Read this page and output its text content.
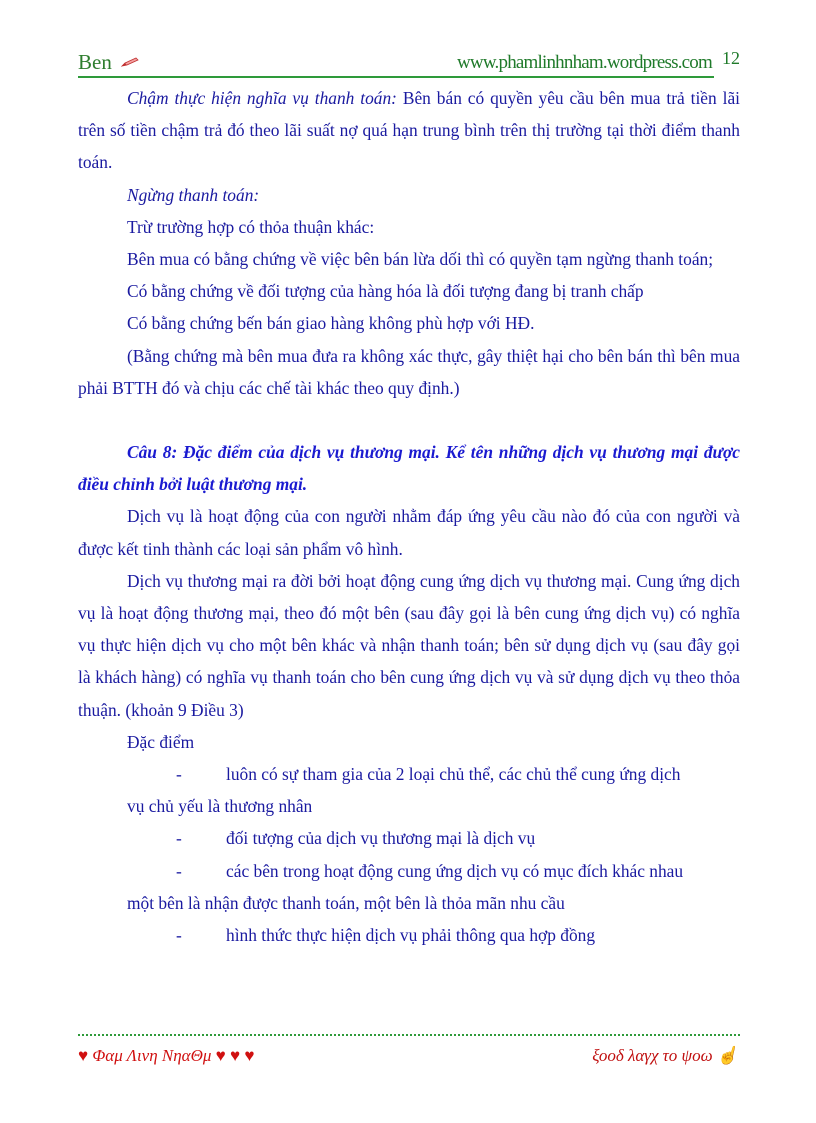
Ben	www.phamlinhnham.wordpress.com 12

Chậm thực hiện nghĩa vụ thanh toán: Bên bán có quyền yêu cầu bên mua trả tiền lãi trên số tiền chậm trả đó theo lãi suất nợ quá hạn trung bình trên thị trường tại thời điểm thanh toán.

Ngừng thanh toán:

Trừ trường hợp có thỏa thuận khác:

Bên mua có bằng chứng về việc bên bán lừa dối thì có quyền tạm ngừng thanh toán;

Có bằng chứng về đối tượng của hàng hóa là đối tượng đang bị tranh chấp

Có bằng chứng bến bán giao hàng không phù hợp với HĐ.

(Bằng chứng mà bên mua đưa ra không xác thực, gây thiệt hại cho bên bán thì bên mua phải BTTH đó và chịu các chế tài khác theo quy định.)

Câu 8: Đặc điểm của dịch vụ thương mại. Kể tên những dịch vụ thương mại được điều chỉnh bởi luật thương mại.

Dịch vụ là hoạt động của con người nhằm đáp ứng yêu cầu nào đó của con người và được kết tinh thành các loại sản phẩm vô hình.

Dịch vụ thương mại ra đời bởi hoạt động cung ứng dịch vụ thương mại. Cung ứng dịch vụ là hoạt động thương mại, theo đó một bên (sau đây gọi là bên cung ứng dịch vụ) có nghĩa vụ thực hiện dịch vụ cho một bên khác và nhận thanh toán; bên sử dụng dịch vụ (sau đây gọi là khách hàng) có nghĩa vụ thanh toán cho bên cung ứng dịch vụ và sử dụng dịch vụ theo thỏa thuận. (khoản 9 Điều 3)

Đặc điểm

-	luôn có sự tham gia của 2 loại chủ thể, các chủ thể cung ứng dịch

vụ chủ yếu là thương nhân

-	đối tượng của dịch vụ thương mại là dịch vụ

-	các bên trong hoạt động cung ứng dịch vụ có mục đích khác nhau

một bên là nhận được thanh toán, một bên là thỏa mãn nhu cầu

-	hình thức thực hiện dịch vụ phải thông qua hợp đồng

♥ Φαμ Λινη ΝηαΘμ ♥ ♥ ♥	ξοοδ λαγχ το ψοω ☝
